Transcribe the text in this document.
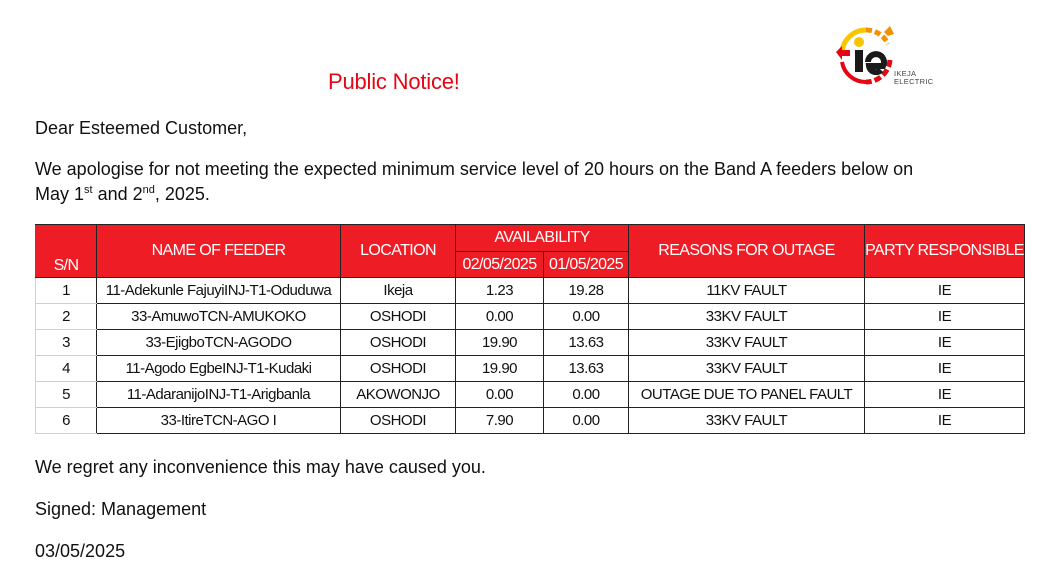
Public Notice!	IKEJA
ELECTRIC
Dear Esteemed Customer,
We apologise for not meeting the expected minimum service level of 20 hours on the Band A feeders below on May 1st and 2nd, 2025.
S/N	NAME OF FEEDER	LOCATION	AVAILABILITY		REASONS FOR OUTAGE	PARTY RESPONSIBLE
			02/05/2025	01/05/2025		
1	11-Adekunle FajuyiINJ-T1-Oduduwa	Ikeja	1.23	19.28	11KV FAULT	IE
2	33-AmuwoTCN-AMUKOKO	OSHODI	0.00	0.00	33KV FAULT	IE
3	33-EjigboTCN-AGODO	OSHODI	19.90	13.63	33KV FAULT	IE
4	11-Agodo EgbeINJ-T1-Kudaki	OSHODI	19.90	13.63	33KV FAULT	IE
5	11-AdaranijoINJ-T1-Arigbanla	AKOWONJO	0.00	0.00	OUTAGE DUE TO PANEL FAULT	IE
6	33-ItireTCN-AGO I	OSHODI	7.90	0.00	33KV FAULT	IE
We regret any inconvenience this may have caused you.
Signed: Management
03/05/2025
